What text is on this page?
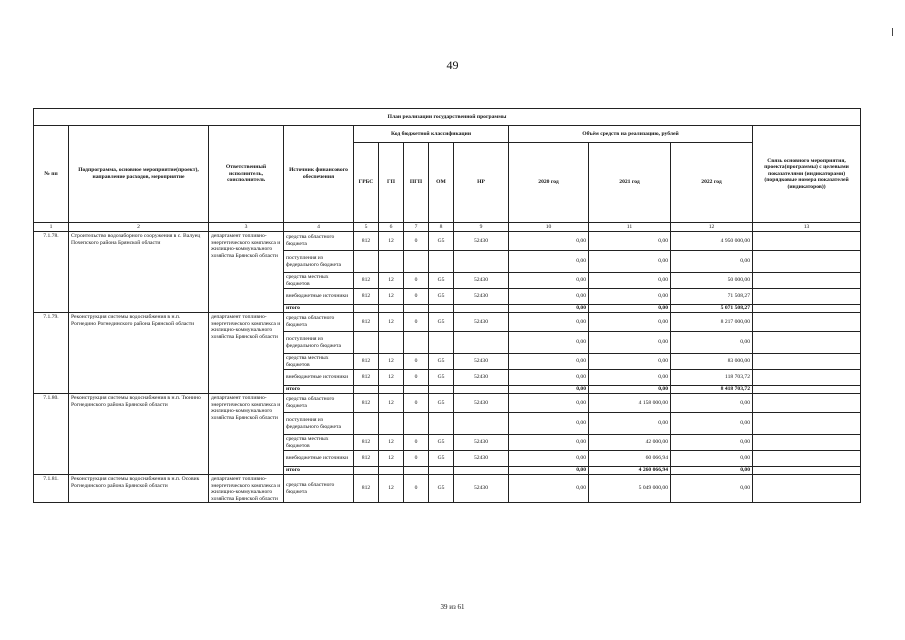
49
План реализации государственной программы												
№ пп	Подпрограмма, основное мероприятие(проект), направление расходов, мероприятие	Ответственный исполнитель, соисполнитель	Источник финансового обеспечения	Код бюджетной классификации					Объём средств на реализацию, рублей			Связь основного мероприятия, проекта(программы) с целевыми показателями (индикаторами) (порядковые номера показателей (индикаторов))
				ГРБС	ГП	ПГП	ОМ	НР	2020 год	2021 год	2022 год	
1	2	3	4	5	6	7	8	9	10	11	12	13
7.1.78.	Строительство водозаборного сооружения в с. Валуец Почепского района Брянской области	департамент топливно-энергетического комплекса и жилищно-коммунального хозяйства Брянской области	средства областного бюджета	812	12	0	G5	52430	0,00	0,00	4 950 000,00	
			поступления из федерального бюджета						0,00	0,00	0,00	
			средства местных бюджетов	812	12	0	G5	52430	0,00	0,00	50 000,00	
			внебюджетные источники	812	12	0	G5	52430	0,00	0,00	71 508,27	
			итого						0,00	0,00	5 071 508,27	
7.1.79.	Реконструкция системы водоснабжения в н.п. Рогнедино Рогнединского района Брянской области	департамент топливно-энергетического комплекса и жилищно-коммунального хозяйства Брянской области	средства областного бюджета	812	12	0	G5	52430	0,00	0,00	8 217 000,00	
			поступления из федерального бюджета						0,00	0,00	0,00	
			средства местных бюджетов	812	12	0	G5	52430	0,00	0,00	83 000,00	
			внебюджетные источники	812	12	0	G5	52430	0,00	0,00	118 703,72	
			итого						0,00	0,00	8 418 703,72	
7.1.80.	Реконструкция системы водоснабжения в н.п. Тюнино Рогнединского района Брянской области	департамент топливно-энергетического комплекса и жилищно-коммунального хозяйства Брянской области	средства областного бюджета	812	12	0	G5	52430	0,00	4 158 000,00	0,00	
			поступления из федерального бюджета						0,00	0,00	0,00	
			средства местных бюджетов	812	12	0	G5	52430	0,00	42 000,00	0,00	
			внебюджетные источники	812	12	0	G5	52430	0,00	60 066,94	0,00	
			итого						0,00	4 260 066,94	0,00	
7.1.81.	Реконструкция системы водоснабжения в н.п. Осовик Рогнединского района Брянской области	департамент топливно-энергетического комплекса и жилищно-коммунального хозяйства Брянской области	средства областного бюджета	812	12	0	G5	52430	0,00	5 049 000,00	0,00	
39 из 61
